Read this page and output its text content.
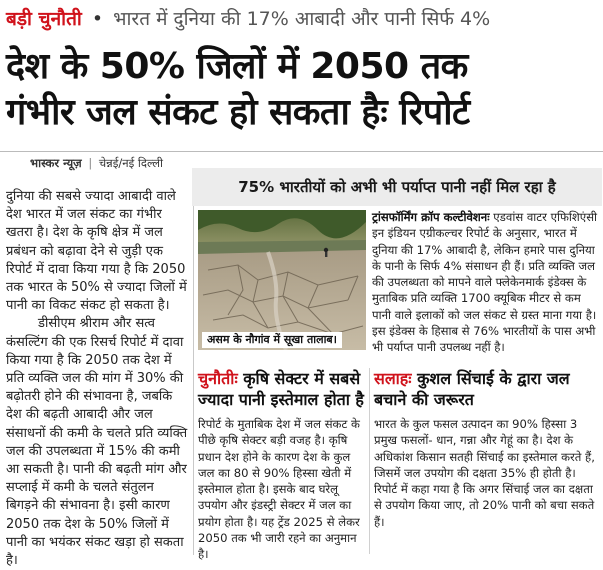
बड़ी चुनौती • भारत में दुनिया की 17% आबादी और पानी सिर्फ 4%
देश के 50% जिलों में 2050 तक
गंभीर जल संकट हो सकता हैः रिपोर्ट
भास्कर न्यूज़ | चेन्नई/नई दिल्ली

दुनिया की सबसे ज्यादा आबादी वाले देश भारत में जल संकट का गंभीर खतरा है। देश के कृषि क्षेत्र में जल प्रबंधन को बढ़ावा देने से जुड़ी एक रिपोर्ट में दावा किया गया है कि 2050 तक भारत के 50% से ज्यादा जिलों में पानी का विकट संकट हो सकता है।

डीसीएम श्रीराम और सत्व कंसल्टिंग की एक रिसर्च रिपोर्ट में दावा किया गया है कि 2050 तक देश में प्रति व्यक्ति जल की मांग में 30% की बढ़ोतरी होने की संभावना है, जबकि देश की बढ़ती आबादी और जल संसाधनों की कमी के चलते प्रति व्यक्ति जल की उपलब्धता में 15% की कमी आ सकती है। पानी की बढ़ती मांग और सप्लाई में कमी के चलते संतुलन बिगड़ने की संभावना है। इसी कारण 2050 तक देश के 50% जिलों में पानी का भयंकर संकट खड़ा हो सकता है।

75% भारतीयों को अभी भी पर्याप्त पानी नहीं मिल रहा है
असम के नौगांव में सूखा तालाब।
ट्रांसफॉर्मिंग क्रॉप कल्टीवेशनः एडवांस वाटर एफिशिएंसी इन इंडियन एग्रीकल्चर रिपोर्ट के अनुसार, भारत में दुनिया की 17% आबादी है, लेकिन हमारे पास दुनिया के पानी के सिर्फ 4% संसाधन ही हैं। प्रति व्यक्ति जल की उपलब्धता को मापने वाले फ्लेकेनमार्क इंडेक्स के मुताबिक प्रति व्यक्ति 1700 क्यूबिक मीटर से कम पानी वाले इलाकों को जल संकट से ग्रस्त माना गया है। इस इंडेक्स के हिसाब से 76% भारतीयों के पास अभी भी पर्याप्त पानी उपलब्ध नहीं है।
चुनौतीः कृषि सेक्टर में सबसे ज्यादा पानी इस्तेमाल होता है
रिपोर्ट के मुताबिक देश में जल संकट के पीछे कृषि सेक्टर बड़ी वजह है। कृषि प्रधान देश होने के कारण देश के कुल जल का 80 से 90% हिस्सा खेती में इस्तेमाल होता है। इसके बाद घरेलू उपयोग और इंडस्ट्री सेक्टर में जल का प्रयोग होता है। यह ट्रेंड 2025 से लेकर 2050 तक भी जारी रहने का अनुमान है।
सलाहः कुशल सिंचाई के द्वारा जल बचाने की जरूरत
भारत के कुल फसल उत्पादन का 90% हिस्सा 3 प्रमुख फसलों- धान, गन्ना और गेहूं का है। देश के अधिकांश किसान सतही सिंचाई का इस्तेमाल करते हैं, जिसमें जल उपयोग की दक्षता 35% ही होती है। रिपोर्ट में कहा गया है कि अगर सिंचाई जल का दक्षता से उपयोग किया जाए, तो 20% पानी को बचा सकते हैं।
